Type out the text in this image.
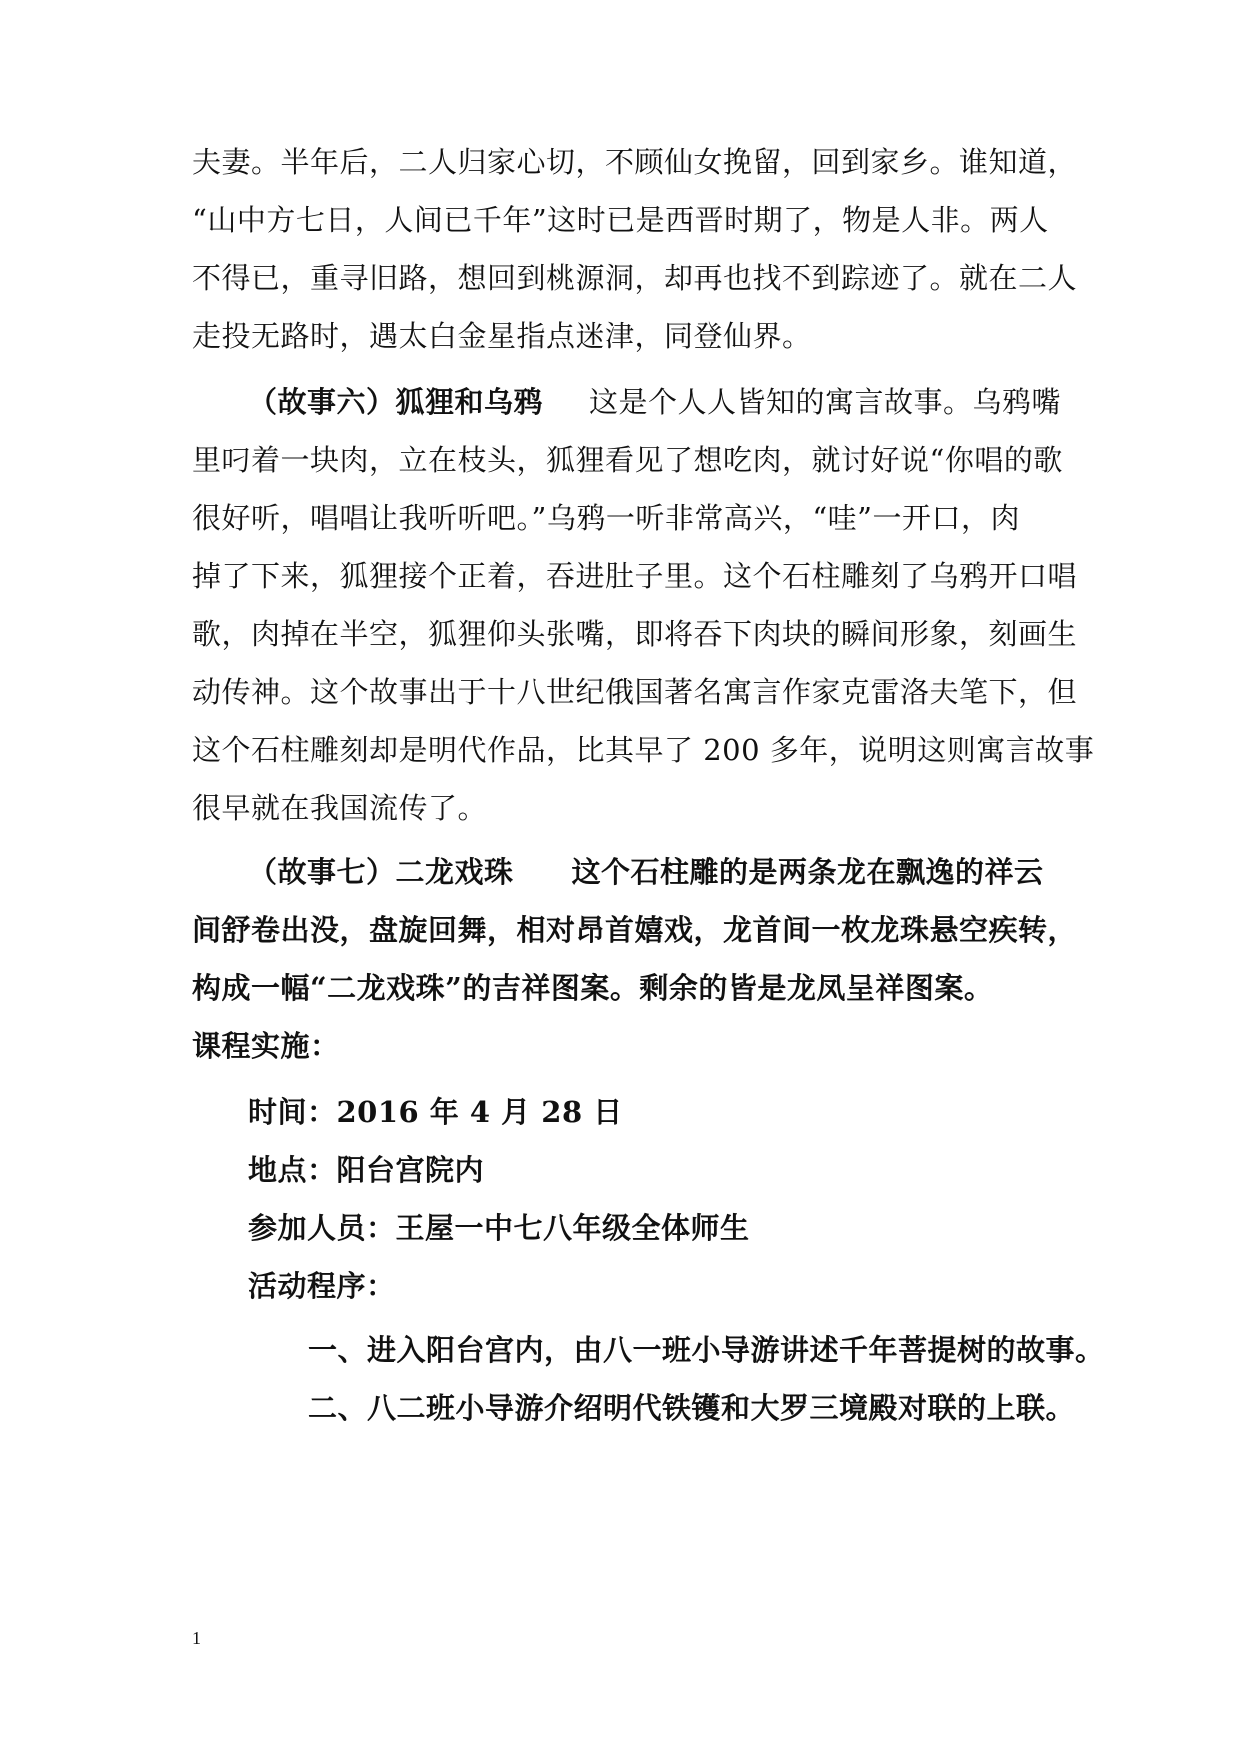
夫妻。半年后，二人归家心切，不顾仙女挽留，回到家乡。谁知道，
“山中方七日，人间已千年”这时已是西晋时期了，物是人非。两人
不得已，重寻旧路，想回到桃源洞，却再也找不到踪迹了。就在二人
走投无路时，遇太白金星指点迷津，同登仙界。
（故事六）狐狸和乌鸦 这是个人人皆知的寓言故事。乌鸦嘴
里叼着一块肉，立在枝头，狐狸看见了想吃肉，就讨好说“你唱的歌
很好听，唱唱让我听听吧。”乌鸦一听非常高兴，“哇”一开口，肉
掉了下来，狐狸接个正着，吞进肚子里。这个石柱雕刻了乌鸦开口唱
歌，肉掉在半空，狐狸仰头张嘴，即将吞下肉块的瞬间形象，刻画生
动传神。这个故事出于十八世纪俄国著名寓言作家克雷洛夫笔下，但
这个石柱雕刻却是明代作品，比其早了 200 多年，说明这则寓言故事
很早就在我国流传了。
（故事七）二龙戏珠 这个石柱雕的是两条龙在飘逸的祥云
间舒卷出没，盘旋回舞，相对昂首嬉戏，龙首间一枚龙珠悬空疾转，
构成一幅“二龙戏珠”的吉祥图案。剩余的皆是龙凤呈祥图案。
课程实施：
时间：2016 年 4 月 28 日
地点：阳台宫院内
参加人员：王屋一中七八年级全体师生
活动程序：
一、进入阳台宫内，由八一班小导游讲述千年菩提树的故事。
二、八二班小导游介绍明代铁镬和大罗三境殿对联的上联。
1
